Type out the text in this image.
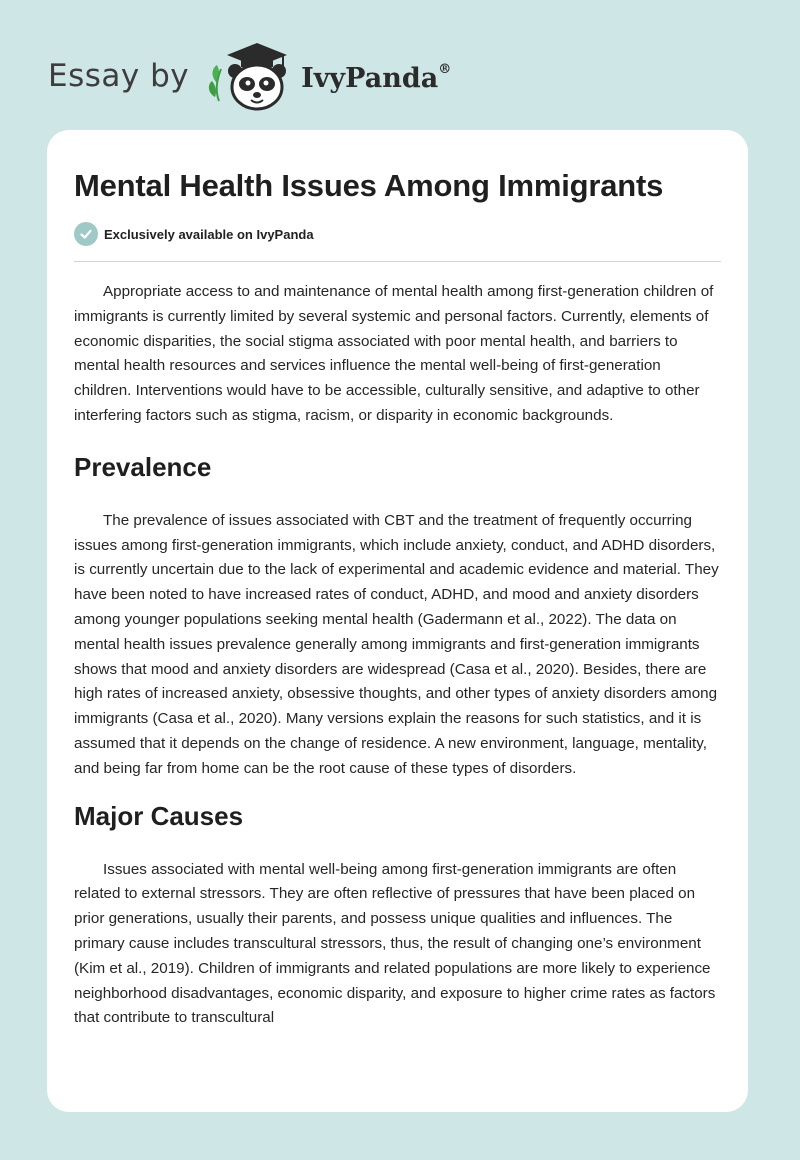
Essay by	IvyPanda®
Mental Health Issues Among Immigrants
Exclusively available on IvyPanda

Appropriate access to and maintenance of mental health among first-generation children of immigrants is currently limited by several systemic and personal factors. Currently, elements of economic disparities, the social stigma associated with poor mental health, and barriers to mental health resources and services influence the mental well-being of first-generation children. Interventions would have to be accessible, culturally sensitive, and adaptive to other interfering factors such as stigma, racism, or disparity in economic backgrounds.

Prevalence

The prevalence of issues associated with CBT and the treatment of frequently occurring issues among first-generation immigrants, which include anxiety, conduct, and ADHD disorders, is currently uncertain due to the lack of experimental and academic evidence and material. They have been noted to have increased rates of conduct, ADHD, and mood and anxiety disorders among younger populations seeking mental health (Gadermann et al., 2022). The data on mental health issues prevalence generally among immigrants and first-generation immigrants shows that mood and anxiety disorders are widespread (Casa et al., 2020). Besides, there are high rates of increased anxiety, obsessive thoughts, and other types of anxiety disorders among immigrants (Casa et al., 2020). Many versions explain the reasons for such statistics, and it is assumed that it depends on the change of residence. A new environment, language, mentality, and being far from home can be the root cause of these types of disorders.

Major Causes

Issues associated with mental well-being among first-generation immigrants are often related to external stressors. They are often reflective of pressures that have been placed on prior generations, usually their parents, and possess unique qualities and influences. The primary cause includes transcultural stressors, thus, the result of changing one’s environment (Kim et al., 2019). Children of immigrants and related populations are more likely to experience neighborhood disadvantages, economic disparity, and exposure to higher crime rates as factors that contribute to transcultural
